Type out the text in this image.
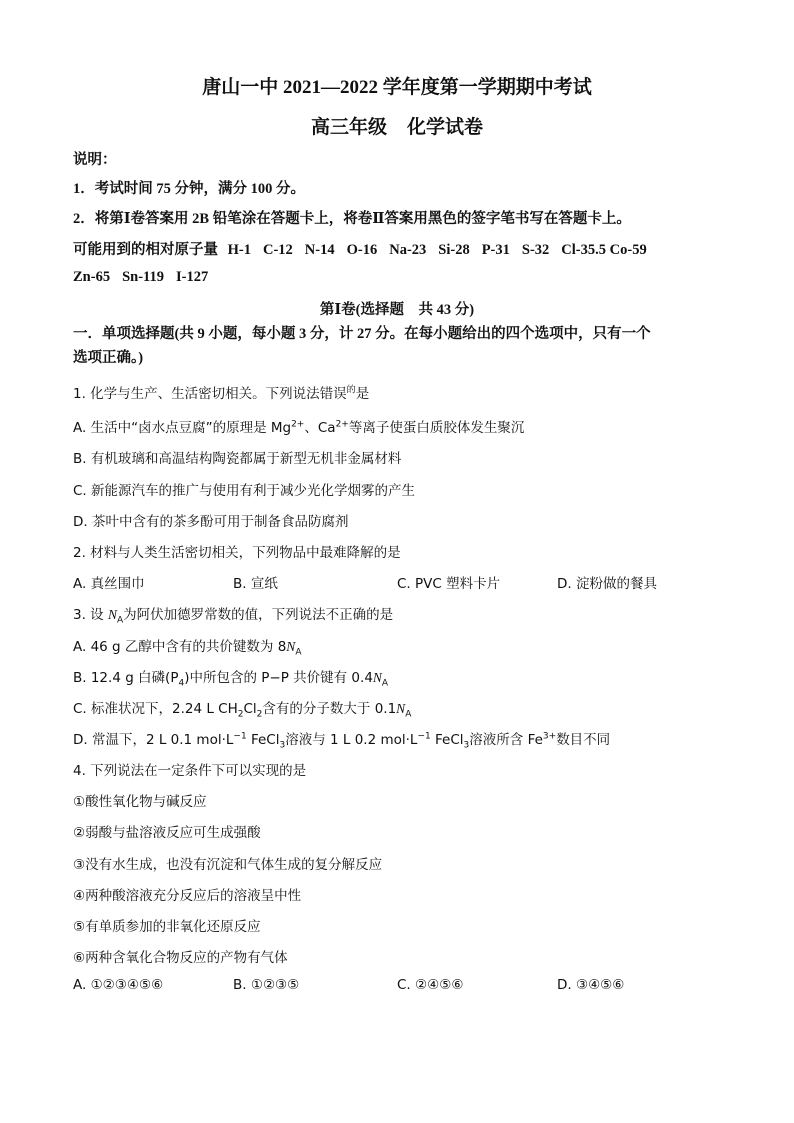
唐山一中 2021—2022 学年度第一学期期中考试
高三年级 化学试卷
说明：
1．考试时间 75 分钟，满分 100 分。
2．将第Ⅰ卷答案用 2B 铅笔涂在答题卡上，将卷Ⅱ答案用黑色的签字笔书写在答题卡上。
可能用到的相对原子量 H-1 C-12 N-14 O-16 Na-23 Si-28 P-31 S-32 Cl-35.5 Co-59
Zn-65 Sn-119 I-127
第Ⅰ卷(选择题　共 43 分)
一．单项选择题(共 9 小题，每小题 3 分，计 27 分。在每小题给出的四个选项中，只有一个
选项正确。)
1. 化学与生产、生活密切相关。下列说法错误$^的$是
A. 生活中“卤水点豆腐”的原理是 $Mg^{2+}$、$Ca^{2+}$等离子使蛋白质胶体发生聚沉
B. 有机玻璃和高温结构陶瓷都属于新型无机非金属材料
C. 新能源汽车的推广与使用有利于减少光化学烟雾的产生
D. 茶叶中含有的茶多酚可用于制备食品防腐剂
2. 材料与人类生活密切相关，下列物品中最难降解的是
A. 真丝围巾	B. 宣纸	C. PVC 塑料卡片	D. 淀粉做的餐具
3. 设 $N_A$为阿伏加德罗常数的值，下列说法不正确的是
A. 46 g 乙醇中含有的共价键数为 $8N_A$
B. 12.4 g 白磷$(P_4)$中所包含的 P−P 共价键有 $0.4N_A$
C. 标准状况下，2.24 L $CH_2Cl_2$含有的分子数大于 $0.1N_A$
D. 常温下，2 L 0.1 $mol\cdot L^{-1}$ FeCl$_3$溶液与 1 L 0.2 $mol\cdot L^{-1}$ FeCl$_3$溶液所含 $Fe^{3+}$数目不同
4. 下列说法在一定条件下可以实现的是
①酸性氧化物与碱反应
②弱酸与盐溶液反应可生成强酸
③没有水生成，也没有沉淀和气体生成的复分解反应
④两种酸溶液充分反应后的溶液呈中性
⑤有单质参加的非氧化还原反应
⑥两种含氧化合物反应的产物有气体
A. ①②③④⑤⑥	B. ①②③⑤	C. ②④⑤⑥	D. ③④⑤⑥
